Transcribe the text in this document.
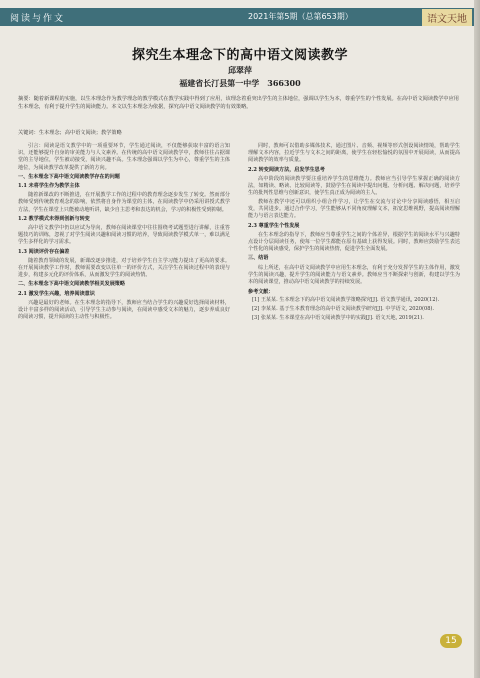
阅读与作文	2021年第5期（总第653期）	语文天地
探究生本理念下的高中语文阅读教学
邱翠萍
福建省长汀县第一中学　366300
摘要：随着新课程的实施，以生本理念作为教学理念的教学模式在教学实践中得到了应用，该理念着重突出学生的主体地位，强调以学生为本，尊重学生的个性发展。在高中语文阅读教学中应用生本理念，有利于提升学生的阅读能力。本文以生本理念为依据，探究高中语文阅读教学的有效策略。
关键词：生本理念；高中语文阅读；教学策略

引言：阅读是语文教学中的一项重要环节，学生通过阅读，不仅能够获取丰富的语言知识，还能够提升自身的审美能力与人文素养。在传统的高中语文阅读教学中，教师往往占据课堂的主导地位，学生被动接受，阅读兴趣不高。生本理念强调以学生为中心，尊重学生的主体地位，为阅读教学改革提供了新的方向。

一、生本理念下高中语文阅读教学存在的问题

1.1 未将学生作为教学主体

随着新课改的不断推进，在开展教学工作的过程中的教育理念逐步发生了转变。然而部分教师受到传统教育观念的影响，依然将自身作为课堂的主体，在阅读教学中仍采用讲授式教学方法，学生在课堂上只能被动地听讲，缺少自主思考和表达的机会，学习的积极性受到抑制。

1.2 教学模式未得到创新与转变

高中语文教学中仍以应试为导向，教师在阅读课堂中往往围绕考试题型进行讲解，注重答题技巧的训练，忽视了对学生阅读兴趣和阅读习惯的培养，导致阅读教学模式单一，难以满足学生多样化的学习需求。

1.3 阅读评价存在偏差

随着教育领域的发展，新课改逐步推进，对于培养学生自主学习能力提出了更高的要求。在开展阅读教学工作时，教师需要改变以往单一的评价方式，关注学生在阅读过程中的表现与进步，构建多元化的评价体系，从而激发学生的阅读热情。

二、生本理念下高中语文阅读教学相关发展策略

2.1 激发学生兴趣，培养阅读意识

兴趣是最好的老师。在生本理念的指导下，教师应当结合学生的兴趣爱好选择阅读材料，设计丰富多样的阅读活动，引导学生主动参与阅读，在阅读中感受文本的魅力，逐步养成良好的阅读习惯，提升阅读的主动性与积极性。

同时，教师可以借助多媒体技术，通过图片、音频、视频等形式创设阅读情境，帮助学生理解文本内容，拉近学生与文本之间的距离，使学生在轻松愉悦的氛围中开展阅读，从而提高阅读教学的效率与质量。

2.2 转变阅读方法，启发学生思考

高中阶段的阅读教学要注重培养学生的思维能力。教师应当引导学生掌握正确的阅读方法，如精读、略读、比较阅读等，鼓励学生在阅读中提出问题、分析问题、解决问题，培养学生的批判性思维与创新意识，使学生真正成为阅读的主人。

教师在教学中还可以组织小组合作学习，让学生在交流与讨论中分享阅读感悟，相互启发，共同进步。通过合作学习，学生能够从不同角度理解文本，拓宽思维视野，提高阅读理解能力与语言表达能力。

2.3 尊重学生个性发展

在生本理念的指导下，教师应当尊重学生之间的个体差异，根据学生的阅读水平与兴趣特点设计分层阅读任务，使每一位学生都能在原有基础上获得发展。同时，教师应鼓励学生表达个性化的阅读感受，保护学生的阅读热情，促进学生全面发展。

三、结语

综上所述，在高中语文阅读教学中应用生本理念，有利于充分发挥学生的主体作用，激发学生的阅读兴趣，提升学生的阅读能力与语文素养。教师应当不断探索与创新，构建以学生为本的阅读课堂，推动高中语文阅读教学的持续发展。

参考文献：

[1] 王某某. 生本理念下的高中语文阅读教学策略探究[J]. 语文教学通讯, 2020(12).

[2] 李某某. 基于生本教育理念的高中语文阅读教学研究[J]. 中学语文, 2020(08).

[3] 张某某. 生本课堂在高中语文阅读教学中的实践[J]. 语文天地, 2019(21).

15
